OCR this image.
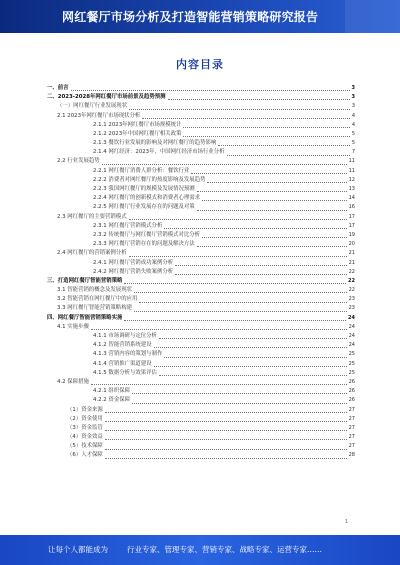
网红餐厅市场分析及打造智能营销策略研究报告
内容目录
一、前言	3
二、2023-2028年网红餐厅市场前景及趋势预测	3
（一）网红餐厅行业发展现状	3
2.1 2023年网红餐厅市场现状分析	4
2.1.1 2023年网红餐厅市场规模统计	4
2.1.2 2023年中国网红餐厅相关政策	5
2.1.3 餐饮行业发展的影响及对网红餐厅的趋势影响	5
2.1.4 网红经济：2023年，中国网红经济市场行业分析	7
2.2 行业发展趋势	11
2.2.1 网红餐厅消费人群分析：餐饮行业	11
2.2.2 消费者对网红餐厅的热度影响及发展趋势	12
2.2.3 我国网红餐厅的规模及发展情况预测	13
2.2.4 网红餐厅的创新模式和消费者心理需求	14
2.2.5 网红餐厅行业发展存在的问题及对策	16
2.3 网红餐厅的主要营销模式	17
2.3.1 网红餐厅营销模式分析	17
2.3.2 传统餐厅与网红餐厅营销模式对比分析	19
2.3.3 网红餐厅营销存在的问题及解决方法	20
2.4 网红餐厅的营销案例分析	21
2.4.1 网红餐厅营销成功案例分析	21
2.4.2 网红餐厅营销失败案例分析	22
三、打造网红餐厅智能营销策略	22
3.1 智能营销的概念及发展现状	22
3.2 智能营销在网红餐厅中的应用	23
3.3 网红餐厅智能营销策略构建	23
四、网红餐厅智能营销策略实施	24
4.1 实施步骤	24
4.1.1 市场调研与定位分析	24
4.1.2 智能营销系统建设	24
4.1.3 营销内容的策划与制作	25
4.1.4 营销推广渠道建设	25
4.1.5 数据分析与效果评估	25
4.2 保障措施	26
4.2.1 组织保障	26
4.2.2 资金保障	26
（1）资金来源	27
（2）资金使用	27
（3）资金监管	27
（4）资金效益	27
（5）技术保障	27
（6）人才保障	28
1
让每个人都能成为	行业专家、管理专家、营销专家、战略专家、运营专家……
